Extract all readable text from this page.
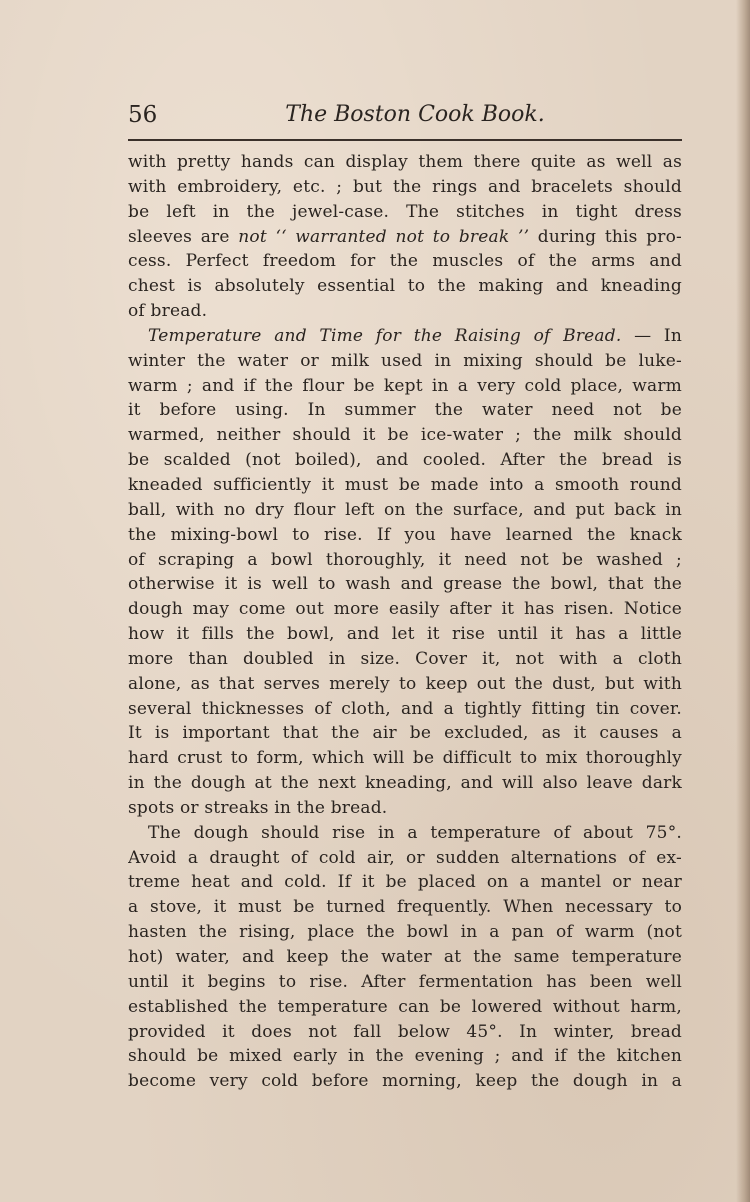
56	The Boston Cook Book.
with pretty hands can display them there quite as well as
with embroidery, etc. ; but the rings and bracelets should
be left in the jewel-case. The stitches in tight dress
sleeves are not ‘‘ warranted not to break ’’ during this pro-
cess. Perfect freedom for the muscles of the arms and
chest is absolutely essential to the making and kneading
of bread.
Temperature and Time for the Raising of Bread. — In
winter the water or milk used in mixing should be luke-
warm ; and if the flour be kept in a very cold place, warm
it before using. In summer the water need not be
warmed, neither should it be ice-water ; the milk should
be scalded (not boiled), and cooled. After the bread is
kneaded sufficiently it must be made into a smooth round
ball, with no dry flour left on the surface, and put back in
the mixing-bowl to rise. If you have learned the knack
of scraping a bowl thoroughly, it need not be washed ;
otherwise it is well to wash and grease the bowl, that the
dough may come out more easily after it has risen. Notice
how it fills the bowl, and let it rise until it has a little
more than doubled in size. Cover it, not with a cloth
alone, as that serves merely to keep out the dust, but with
several thicknesses of cloth, and a tightly fitting tin cover.
It is important that the air be excluded, as it causes a
hard crust to form, which will be difficult to mix thoroughly
in the dough at the next kneading, and will also leave dark
spots or streaks in the bread.
The dough should rise in a temperature of about 75°.
Avoid a draught of cold air, or sudden alternations of ex-
treme heat and cold. If it be placed on a mantel or near
a stove, it must be turned frequently. When necessary to
hasten the rising, place the bowl in a pan of warm (not
hot) water, and keep the water at the same temperature
until it begins to rise. After fermentation has been well
established the temperature can be lowered without harm,
provided it does not fall below 45°. In winter, bread
should be mixed early in the evening ; and if the kitchen
become very cold before morning, keep the dough in a
